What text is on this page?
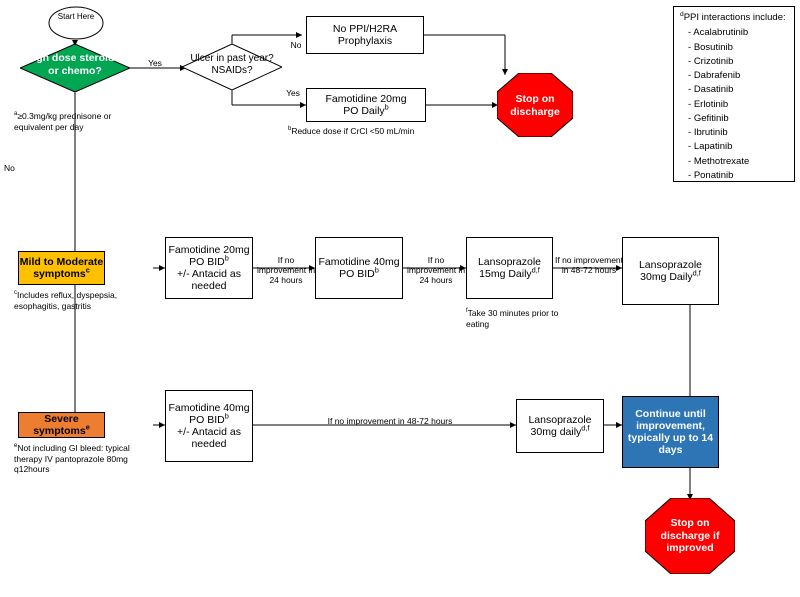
Start Here
High dose steroids$^a$ or chemo?
Ulcer in past year? NSAIDs?
No PPI/H2RA Prophylaxis
Famotidine 20mg
PO Daily$^b$
Stop on discharge
$^d$PPI interactions include:
- Acalabrutinib
- Bosutinib
- Crizotinib
- Dabrafenib
- Dasatinib
- Erlotinib
- Gefitinib
- Ibrutinib
- Lapatinib
- Methotrexate
- Ponatinib
Mild to Moderate symptoms$^c$
Famotidine 20mg PO $BID^b$
+/- Antacid as needed
Famotidine 40mg PO BID$^b$
Lansoprazole 15mg Daily$^{d,f}$	Lansoprazole 30mg Daily$^{d,f}$
Severe symptoms$^e$
Famotidine 40mg PO $BID^b$
+/- Antacid as needed
Lansoprazole 30mg daily$^{d,f}$
Continue until improvement, typically up to 14 days
Stop on discharge if improved
Yes
No
No
Yes
If no improvement in 24 hours
If no improvement in 24 hours
If no improvement in 48-72 hours
If no improvement in 48-72 hours
$^a$≥0.3mg/kg prednisone or equivalent per day	$^b$Reduce dose if CrCl <50 mL/min
$^c$Includes reflux, dyspepsia, esophagitis, gastritis
$^e$Not including GI bleed: typical therapy IV pantoprazole 80mg q12hours
$^f$Take 30 minutes prior to eating
